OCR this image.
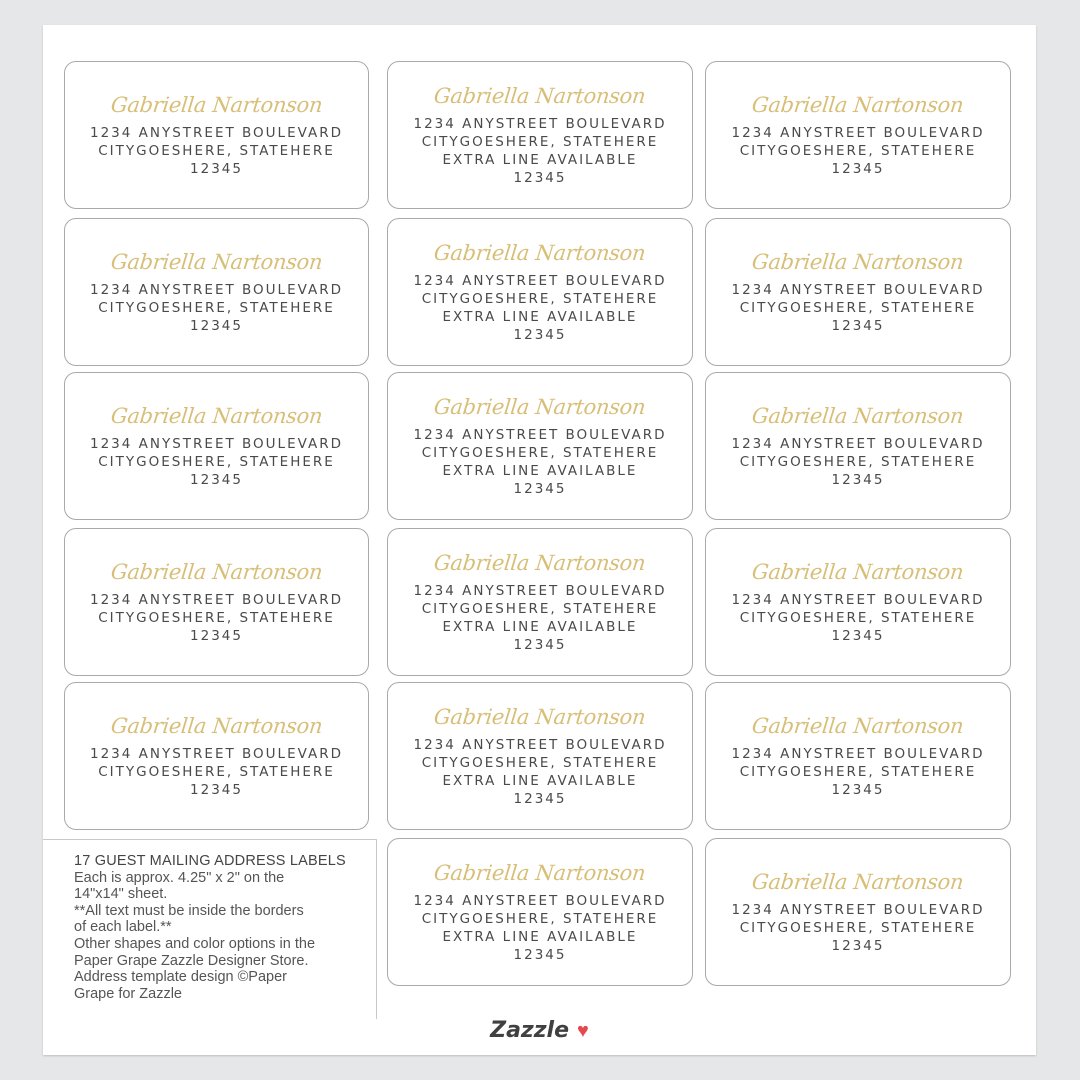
Gabriella Nartonson
1234 ANYSTREET BOULEVARD
CITYGOESHERE, STATEHERE
12345
Gabriella Nartonson
1234 ANYSTREET BOULEVARD
CITYGOESHERE, STATEHERE
EXTRA LINE AVAILABLE
12345
Gabriella Nartonson
1234 ANYSTREET BOULEVARD
CITYGOESHERE, STATEHERE
12345
Gabriella Nartonson
1234 ANYSTREET BOULEVARD
CITYGOESHERE, STATEHERE
12345
Gabriella Nartonson
1234 ANYSTREET BOULEVARD
CITYGOESHERE, STATEHERE
EXTRA LINE AVAILABLE
12345
Gabriella Nartonson
1234 ANYSTREET BOULEVARD
CITYGOESHERE, STATEHERE
12345
Gabriella Nartonson
1234 ANYSTREET BOULEVARD
CITYGOESHERE, STATEHERE
12345
Gabriella Nartonson
1234 ANYSTREET BOULEVARD
CITYGOESHERE, STATEHERE
EXTRA LINE AVAILABLE
12345
Gabriella Nartonson
1234 ANYSTREET BOULEVARD
CITYGOESHERE, STATEHERE
12345
Gabriella Nartonson
1234 ANYSTREET BOULEVARD
CITYGOESHERE, STATEHERE
12345
Gabriella Nartonson
1234 ANYSTREET BOULEVARD
CITYGOESHERE, STATEHERE
EXTRA LINE AVAILABLE
12345
Gabriella Nartonson
1234 ANYSTREET BOULEVARD
CITYGOESHERE, STATEHERE
12345
Gabriella Nartonson
1234 ANYSTREET BOULEVARD
CITYGOESHERE, STATEHERE
12345
Gabriella Nartonson
1234 ANYSTREET BOULEVARD
CITYGOESHERE, STATEHERE
EXTRA LINE AVAILABLE
12345
Gabriella Nartonson
1234 ANYSTREET BOULEVARD
CITYGOESHERE, STATEHERE
12345
Gabriella Nartonson
1234 ANYSTREET BOULEVARD
CITYGOESHERE, STATEHERE
EXTRA LINE AVAILABLE
12345
Gabriella Nartonson
1234 ANYSTREET BOULEVARD
CITYGOESHERE, STATEHERE
12345
17 GUEST MAILING ADDRESS LABELS
Each is approx. 4.25" x 2" on the
14"x14" sheet.
**All text must be inside the borders
of each label.**
Other shapes and color options in the
Paper Grape Zazzle Designer Store.
Address template design ©Paper
Grape for Zazzle
Zazzle ♥
